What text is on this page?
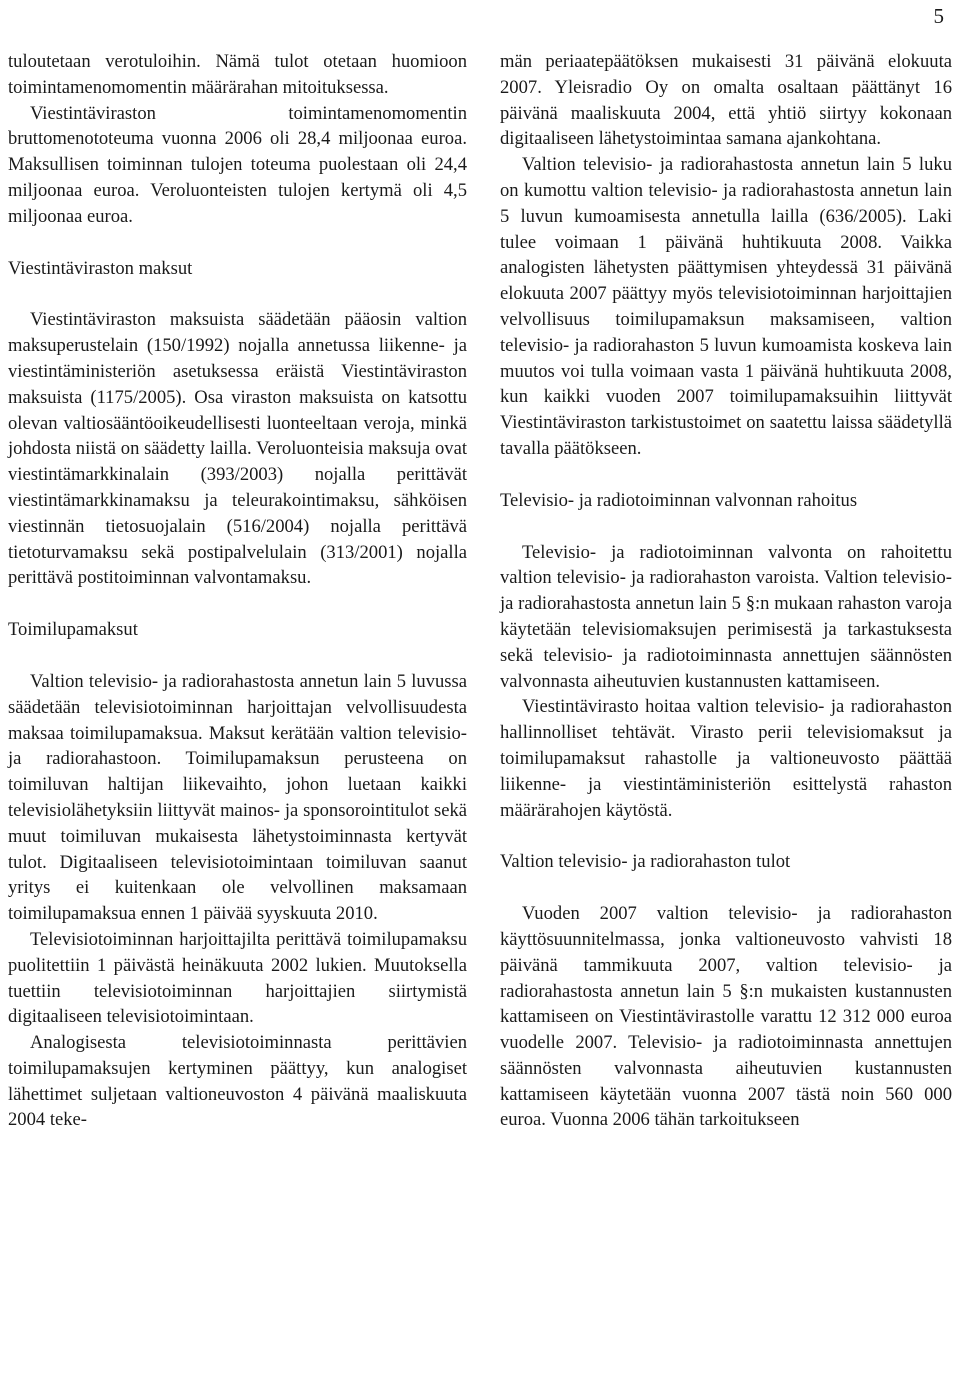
5

tuloutetaan verotuloihin. Nämä tulot otetaan huomioon toimintamenomomentin määrärahan mitoituksessa.

Viestintäviraston toimintamenomomentin bruttomenototeuma vuonna 2006 oli 28,4 miljoonaa euroa. Maksullisen toiminnan tulojen toteuma puolestaan oli 24,4 miljoonaa euroa. Veroluonteisten tulojen kertymä oli 4,5 miljoonaa euroa.

Viestintäviraston maksut

Viestintäviraston maksuista säädetään pääosin valtion maksuperustelain (150/1992) nojalla annetussa liikenne- ja viestintäministeriön asetuksessa eräistä Viestintäviraston maksuista (1175/2005). Osa viraston maksuista on katsottu olevan valtiosääntöoikeudellisesti luonteeltaan veroja, minkä johdosta niistä on säädetty lailla. Veroluonteisia maksuja ovat viestintämarkkinalain (393/2003) nojalla perittävät viestintämarkkinamaksu ja teleurakointimaksu, sähköisen viestinnän tietosuojalain (516/2004) nojalla perittävä tietoturvamaksu sekä postipalvelulain (313/2001) nojalla perittävä postitoiminnan valvontamaksu.

Toimilupamaksut

Valtion televisio- ja radiorahastosta annetun lain 5 luvussa säädetään televisiotoiminnan harjoittajan velvollisuudesta maksaa toimilupamaksua. Maksut kerätään valtion televisio- ja radiorahastoon. Toimilupamaksun perusteena on toimiluvan haltijan liikevaihto, johon luetaan kaikki televisiolähetyksiin liittyvät mainos- ja sponsorointitulot sekä muut toimiluvan mukaisesta lähetystoiminnasta kertyvät tulot. Digitaaliseen televisiotoimintaan toimiluvan saanut yritys ei kuitenkaan ole velvollinen maksamaan toimilupamaksua ennen 1 päivää syyskuuta 2010.

Televisiotoiminnan harjoittajilta perittävä toimilupamaksu puolitettiin 1 päivästä heinäkuuta 2002 lukien. Muutoksella tuettiin televisiotoiminnan harjoittajien siirtymistä digitaaliseen televisiotoimintaan.

Analogisesta televisiotoiminnasta perittävien toimilupamaksujen kertyminen päättyy, kun analogiset lähettimet suljetaan valtioneuvoston 4 päivänä maaliskuuta 2004 teke-

män periaatepäätöksen mukaisesti 31 päivänä elokuuta 2007. Yleisradio Oy on omalta osaltaan päättänyt 16 päivänä maaliskuuta 2004, että yhtiö siirtyy kokonaan digitaaliseen lähetystoimintaa samana ajankohtana.

Valtion televisio- ja radiorahastosta annetun lain 5 luku on kumottu valtion televisio- ja radiorahastosta annetun lain 5 luvun kumoamisesta annetulla lailla (636/2005). Laki tulee voimaan 1 päivänä huhtikuuta 2008. Vaikka analogisten lähetysten päättymisen yhteydessä 31 päivänä elokuuta 2007 päättyy myös televisiotoiminnan harjoittajien velvollisuus toimilupamaksun maksamiseen, valtion televisio- ja radiorahaston 5 luvun kumoamista koskeva lain muutos voi tulla voimaan vasta 1 päivänä huhtikuuta 2008, kun kaikki vuoden 2007 toimilupamaksuihin liittyvät Viestintäviraston tarkistustoimet on saatettu laissa säädetyllä tavalla päätökseen.

Televisio- ja radiotoiminnan valvonnan rahoitus

Televisio- ja radiotoiminnan valvonta on rahoitettu valtion televisio- ja radiorahaston varoista. Valtion televisio- ja radiorahastosta annetun lain 5 §:n mukaan rahaston varoja käytetään televisiomaksujen perimisestä ja tarkastuksesta sekä televisio- ja radiotoiminnasta annettujen säännösten valvonnasta aiheutuvien kustannusten kattamiseen.

Viestintävirasto hoitaa valtion televisio- ja radiorahaston hallinnolliset tehtävät. Virasto perii televisiomaksut ja toimilupamaksut rahastolle ja valtioneuvosto päättää liikenne- ja viestintäministeriön esittelystä rahaston määrärahojen käytöstä.

Valtion televisio- ja radiorahaston tulot

Vuoden 2007 valtion televisio- ja radiorahaston käyttösuunnitelmassa, jonka valtioneuvosto vahvisti 18 päivänä tammikuuta 2007, valtion televisio- ja radiorahastosta annetun lain 5 §:n mukaisten kustannusten kattamiseen on Viestintävirastolle varattu 12 312 000 euroa vuodelle 2007. Televisio- ja radiotoiminnasta annettujen säännösten valvonnasta aiheutuvien kustannusten kattamiseen käytetään vuonna 2007 tästä noin 560 000 euroa. Vuonna 2006 tähän tarkoitukseen
